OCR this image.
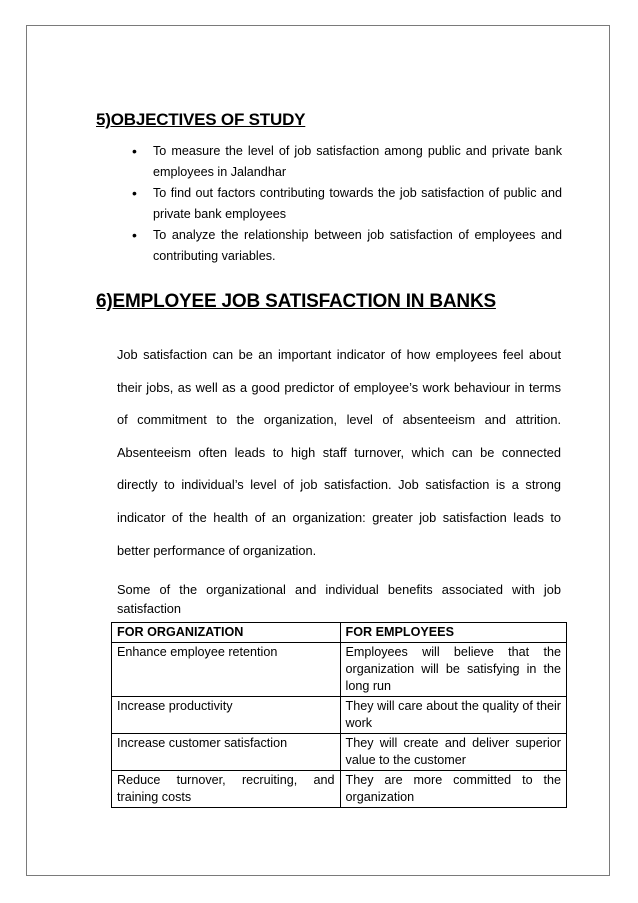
5)OBJECTIVES OF STUDY
• To measure the level of job satisfaction among public and private bank employees in Jalandhar
• To find out factors contributing towards the job satisfaction of public and private bank employees
• To analyze the relationship between job satisfaction of employees and contributing variables.
6)EMPLOYEE JOB SATISFACTION IN BANKS

Job satisfaction can be an important indicator of how employees feel about their jobs, as well as a good predictor of employee’s work behaviour in terms of commitment to the organization, level of absenteeism and attrition. Absenteeism often leads to high staff turnover, which can be connected directly to individual’s level of job satisfaction. Job satisfaction is a strong indicator of the health of an organization: greater job satisfaction leads to better performance of organization.

Some of the organizational and individual benefits associated with job satisfaction

FOR ORGANIZATION	FOR EMPLOYEES
Enhance employee retention	Employees will believe that the organization will be satisfying in the long run
Increase productivity	They will care about the quality of their work
Increase customer satisfaction	They will create and deliver superior value to the customer
Reduce turnover, recruiting, and training costs	They are more committed to the organization
